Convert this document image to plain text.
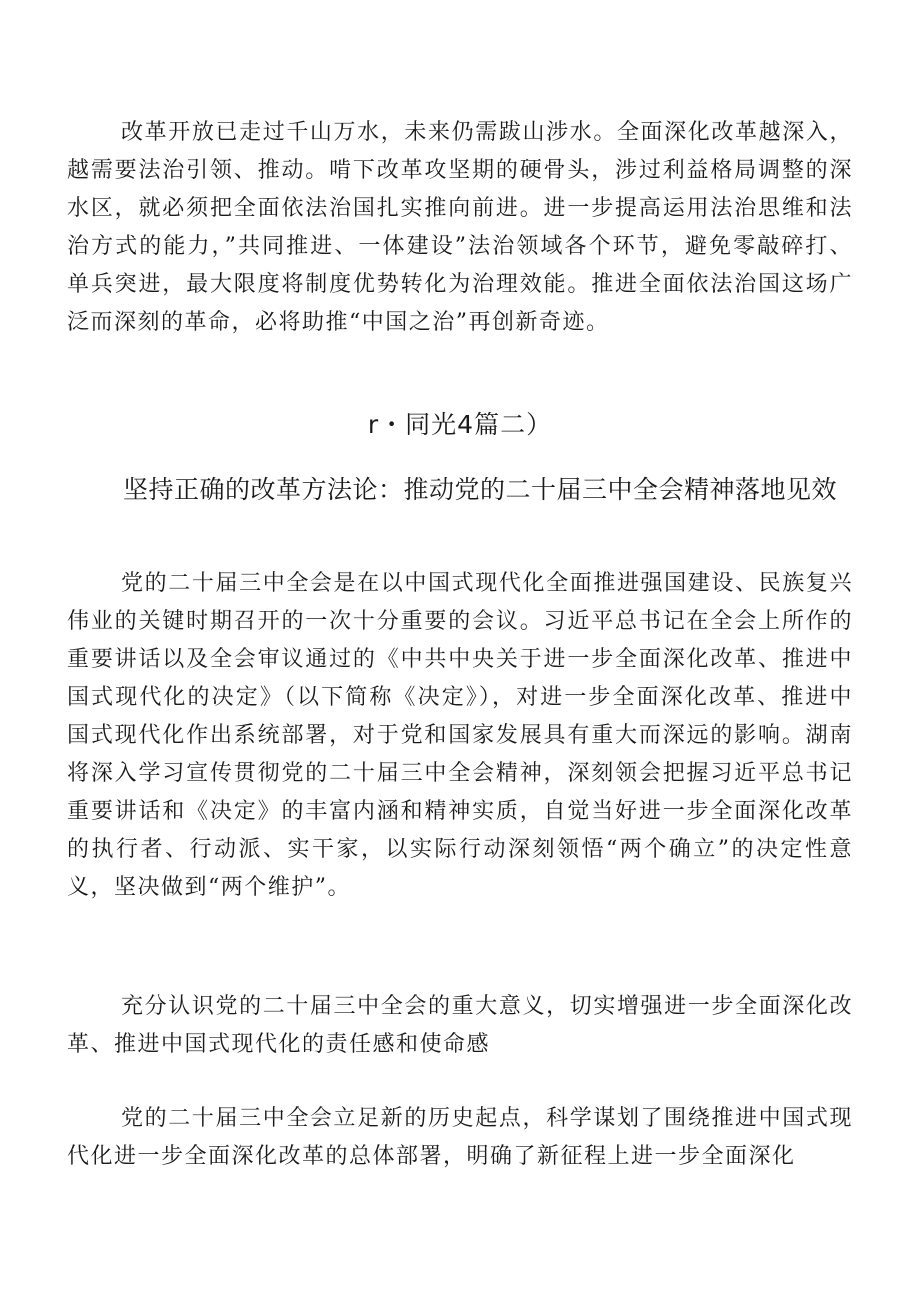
改革开放已走过千山万水，未来仍需跋山涉水。全面深化改革越深入，越需要法治引领、推动。啃下改革攻坚期的硬骨头，涉过利益格局调整的深水区，就必须把全面依法治国扎实推向前进。进一步提高运用法治思维和法治方式的能力，”共同推进、一体建设”法治领域各个环节，避免零敲碎打、单兵突进，最大限度将制度优势转化为治理效能。推进全面依法治国这场广泛而深刻的革命，必将助推“中国之治”再创新奇迹。

r・同光4篇二）
坚持正确的改革方法论：推动党的二十届三中全会精神落地见效

党的二十届三中全会是在以中国式现代化全面推进强国建设、民族复兴伟业的关键时期召开的一次十分重要的会议。习近平总书记在全会上所作的重要讲话以及全会审议通过的《中共中央关于进一步全面深化改革、推进中国式现代化的决定》（以下简称《决定》），对进一步全面深化改革、推进中国式现代化作出系统部署，对于党和国家发展具有重大而深远的影响。湖南将深入学习宣传贯彻党的二十届三中全会精神，深刻领会把握习近平总书记重要讲话和《决定》的丰富内涵和精神实质，自觉当好进一步全面深化改革的执行者、行动派、实干家，以实际行动深刻领悟“两个确立”的决定性意义，坚决做到“两个维护”。

充分认识党的二十届三中全会的重大意义，切实增强进一步全面深化改革、推进中国式现代化的责任感和使命感

党的二十届三中全会立足新的历史起点，科学谋划了围绕推进中国式现代化进一步全面深化改革的总体部署，明确了新征程上进一步全面深化
